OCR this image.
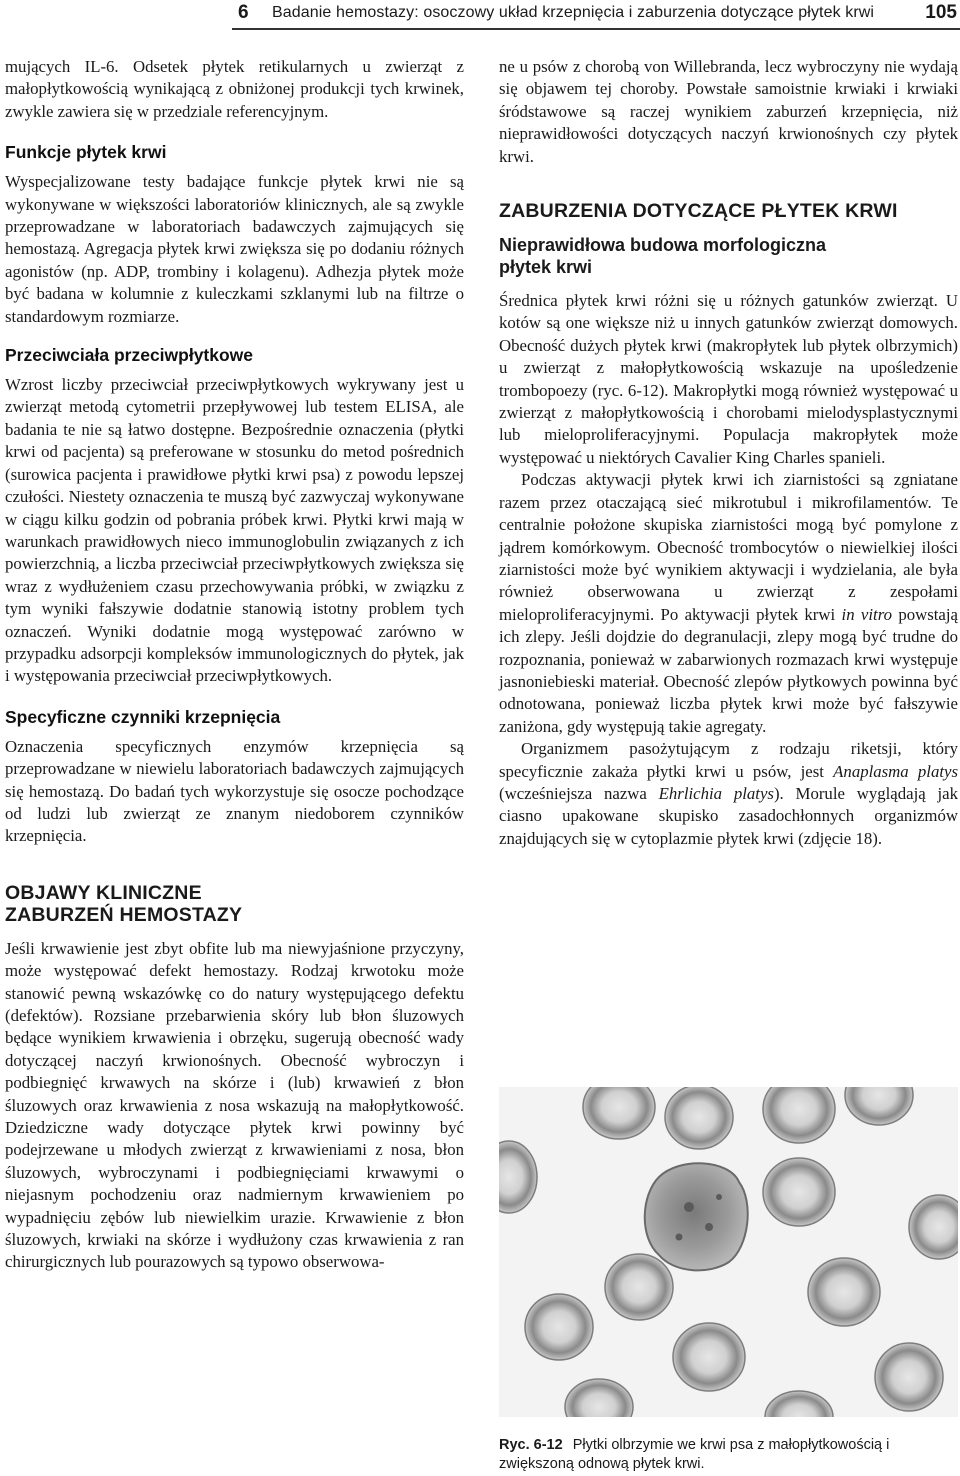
6 Badanie hemostazy: osoczowy układ krzepnięcia i zaburzenia dotyczące płytek krwi	105

mujących IL-6. Odsetek płytek retikularnych u zwierząt z małopłytkowością wynikającą z obniżonej produkcji tych krwinek, zwykle zawiera się w przedziale referencyjnym.

Funkcje płytek krwi

Wyspecjalizowane testy badające funkcje płytek krwi nie są wykonywane w większości laboratoriów klinicznych, ale są zwykle przeprowadzane w laboratoriach badawczych zajmujących się hemostazą. Agregacja płytek krwi zwiększa się po dodaniu różnych agonistów (np. ADP, trombiny i kolagenu). Adhezja płytek może być badana w kolumnie z kuleczkami szklanymi lub na filtrze o standardowym rozmiarze.

Przeciwciała przeciwpłytkowe

Wzrost liczby przeciwciał przeciwpłytkowych wykrywany jest u zwierząt metodą cytometrii przepływowej lub testem ELISA, ale badania te nie są łatwo dostępne. Bezpośrednie oznaczenia (płytki krwi od pacjenta) są preferowane w stosunku do metod pośrednich (surowica pacjenta i prawidłowe płytki krwi psa) z powodu lepszej czułości. Niestety oznaczenia te muszą być zazwyczaj wykonywane w ciągu kilku godzin od pobrania próbek krwi. Płytki krwi mają w warunkach prawidłowych nieco immunoglobulin związanych z ich powierzchnią, a liczba przeciwciał przeciwpłytkowych zwiększa się wraz z wydłużeniem czasu przechowywania próbki, w związku z tym wyniki fałszywie dodatnie stanowią istotny problem tych oznaczeń. Wyniki dodatnie mogą występować zarówno w przypadku adsorpcji kompleksów immunologicznych do płytek, jak i występowania przeciwciał przeciwpłytkowych.

Specyficzne czynniki krzepnięcia

Oznaczenia specyficznych enzymów krzepnięcia są przeprowadzane w niewielu laboratoriach badawczych zajmujących się hemostazą. Do badań tych wykorzystuje się osocze pochodzące od ludzi lub zwierząt ze znanym niedoborem czynników krzepnięcia.

OBJAWY KLINICZNE
ZABURZEŃ HEMOSTAZY

Jeśli krwawienie jest zbyt obfite lub ma niewyjaśnione przyczyny, może występować defekt hemostazy. Rodzaj krwotoku może stanowić pewną wskazówkę co do natury występującego defektu (defektów). Rozsiane przebarwienia skóry lub błon śluzowych będące wynikiem krwawienia i obrzęku, sugerują obecność wady dotyczącej naczyń krwionośnych. Obecność wybroczyn i podbiegnięć krwawych na skórze i (lub) krwawień z błon śluzowych oraz krwawienia z nosa wskazują na małopłytkowość. Dziedziczne wady dotyczące płytek krwi powinny być podejrzewane u młodych zwierząt z krwawieniami z nosa, błon śluzowych, wybroczynami i podbiegnięciami krwawymi o niejasnym pochodzeniu oraz nadmiernym krwawieniem po wypadnięciu zębów lub niewielkim urazie. Krwawienie z błon śluzowych, krwiaki na skórze i wydłużony czas krwawienia z ran chirurgicznych lub pourazowych są typowo obserwowa-

ne u psów z chorobą von Willebranda, lecz wybroczyny nie wydają się objawem tej choroby. Powstałe samoistnie krwiaki i krwiaki śródstawowe są raczej wynikiem zaburzeń krzepnięcia, niż nieprawidłowości dotyczących naczyń krwionośnych czy płytek krwi.

ZABURZENIA DOTYCZĄCE PŁYTEK KRWI
Nieprawidłowa budowa morfologiczna
płytek krwi

Średnica płytek krwi różni się u różnych gatunków zwierząt. U kotów są one większe niż u innych gatunków zwierząt domowych. Obecność dużych płytek krwi (makropłytek lub płytek olbrzymich) u zwierząt z małopłytkowością wskazuje na upośledzenie trombopoezy (ryc. 6-12). Makropłytki mogą również występować u zwierząt z małopłytkowością i chorobami mielodysplastycznymi lub mieloproliferacyjnymi. Populacja makropłytek może występować u niektórych Cavalier King Charles spanieli.

Podczas aktywacji płytek krwi ich ziarnistości są zgniatane razem przez otaczającą sieć mikrotubul i mikrofilamentów. Te centralnie położone skupiska ziarnistości mogą być pomylone z jądrem komórkowym. Obecność trombocytów o niewielkiej ilości ziarnistości może być wynikiem aktywacji i wydzielania, ale była również obserwowana u zwierząt z zespołami mieloproliferacyjnymi. Po aktywacji płytek krwi in vitro powstają ich zlepy. Jeśli dojdzie do degranulacji, zlepy mogą być trudne do rozpoznania, ponieważ w zabarwionych rozmazach krwi występuje jasnoniebieski materiał. Obecność zlepów płytkowych powinna być odnotowana, ponieważ liczba płytek krwi może być fałszywie zaniżona, gdy występują takie agregaty.

Organizmem pasożytującym z rodzaju riketsji, który specyficznie zakaża płytki krwi u psów, jest Anaplasma platys (wcześniejsza nazwa Ehrlichia platys). Morule wyglądają jak ciasno upakowane skupisko zasadochłonnych organizmów znajdujących się w cytoplazmie płytek krwi (zdjęcie 18).

Ryc. 6-12 Płytki olbrzymie we krwi psa z małopłytkowością i zwiększoną odnową płytek krwi.
